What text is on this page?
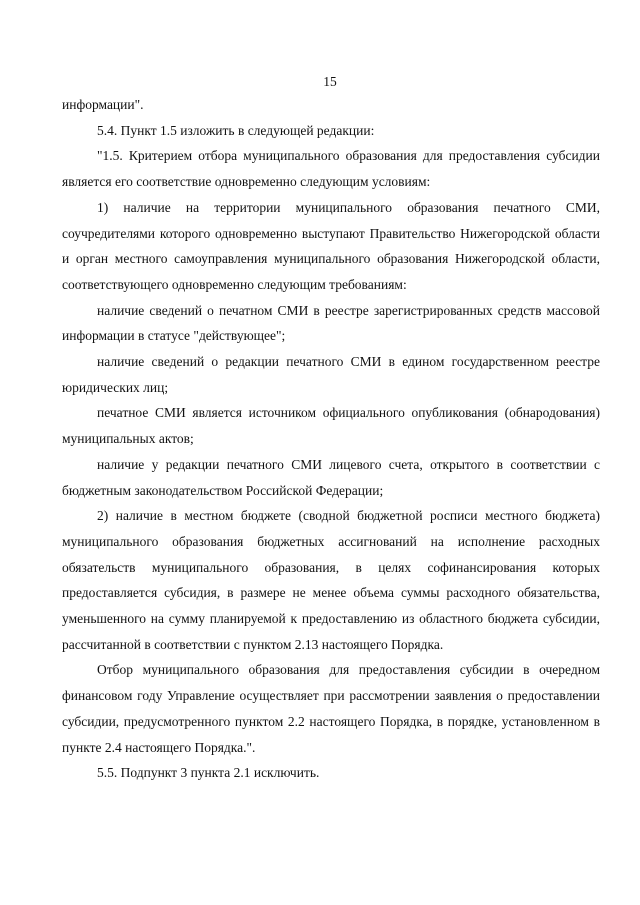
15

информации".

5.4. Пункт 1.5 изложить в следующей редакции:

"1.5. Критерием отбора муниципального образования для предоставления субсидии является его соответствие одновременно следующим условиям:

1) наличие на территории муниципального образования печатного СМИ, соучредителями которого одновременно выступают Правительство Нижегородской области и орган местного самоуправления муниципального образования Нижегородской области, соответствующего одновременно следующим требованиям:

наличие сведений о печатном СМИ в реестре зарегистрированных средств массовой информации в статусе "действующее";

наличие сведений о редакции печатного СМИ в едином государственном реестре юридических лиц;

печатное СМИ является источником официального опубликования (обнародования) муниципальных актов;

наличие у редакции печатного СМИ лицевого счета, открытого в соответствии с бюджетным законодательством Российской Федерации;

2) наличие в местном бюджете (сводной бюджетной росписи местного бюджета) муниципального образования бюджетных ассигнований на исполнение расходных обязательств муниципального образования, в целях софинансирования которых предоставляется субсидия, в размере не менее объема суммы расходного обязательства, уменьшенного на сумму планируемой к предоставлению из областного бюджета субсидии, рассчитанной в соответствии с пунктом 2.13 настоящего Порядка.

Отбор муниципального образования для предоставления субсидии в очередном финансовом году Управление осуществляет при рассмотрении заявления о предоставлении субсидии, предусмотренного пунктом 2.2 настоящего Порядка, в порядке, установленном в пункте 2.4 настоящего Порядка.".

5.5. Подпункт 3 пункта 2.1 исключить.
